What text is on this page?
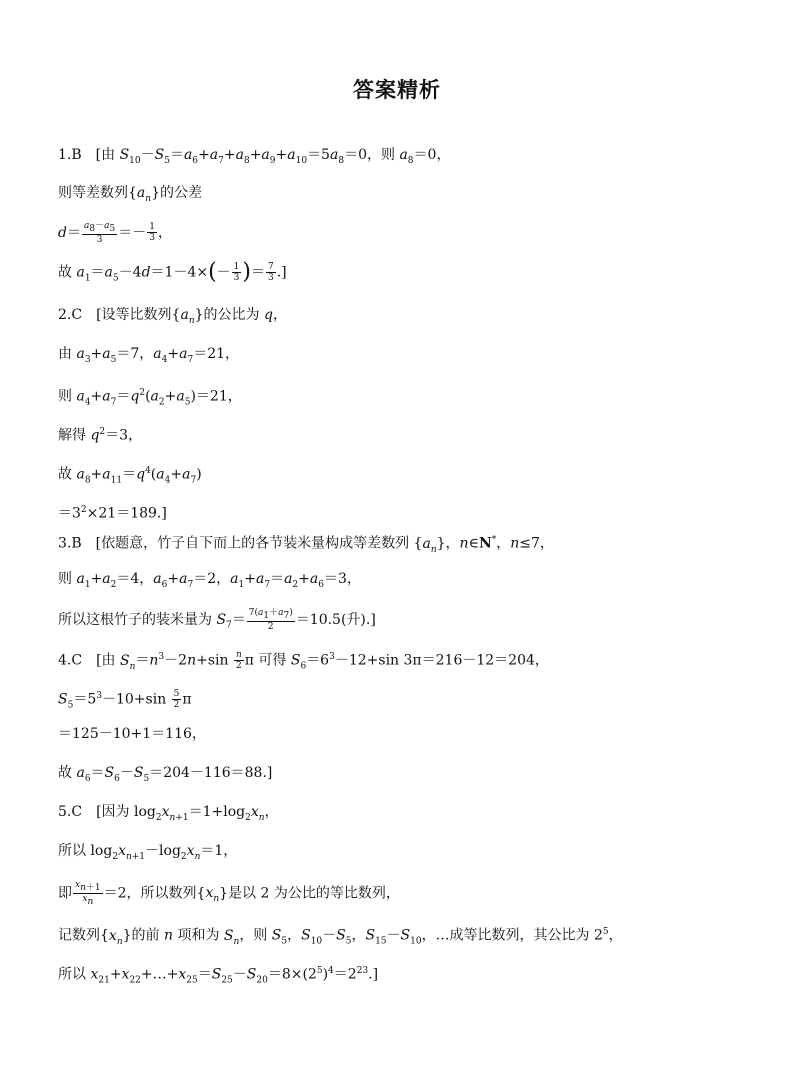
答案精析
1.B　[由 $S_{10}-S_5=a_6+a_7+a_8+a_9+a_{10}=5a_8=0$，则 $a_8=0$，
则等差数列$\{a_n\}$的公差
$d= \frac{a_8-a_5}{3} =- \frac{1}{3}$ ，
故 $a_1=a_5-4d=1-4\times(- \frac{1}{3}$ )＝ $\frac{7}{3}$ .]
2.C　[设等比数列$\{a_n\}$的公比为 q，
由 $a_3+a_5=7$，$a_4+a_7=21$，
则 $a_4+a_7=q^2(a_2+a_5)=21$，
解得 $q^2=3$，
故 $a_8+a_{11}=q^4(a_4+a_7)$
$=3^2\times 21=189$.]
3.B　[依题意，竹子自下而上的各节装米量构成等差数列 $\{a_n\}$，n∈N*，n≤7，
则 $a_1+a_2=4$，$a_6+a_7=2$，$a_1+a_7=a_2+a_6=3$，
所以这根竹子的装米量为 $S_7= \frac{7(a_1+a_7)}{2} =10.5$(升).]
4.C　[由 $S_n=n^3-2n+\sin \frac{n}{2}$ π 可得 $S_6=6^3-12+\sin$ 3π＝216－12＝204，
$S_5=5^3-10+\sin \frac{5}{2}$ π
＝125－10+1＝116，
故 $a_6=S_6-S_5=204-116=88$.]
5.C　[因为 $\log_2x_{n+1}=1+\log_2x_n$，
所以 $\log_2x_{n+1}-\log_2x_n=1$，
即 $\frac{x_{n+1}}{x_n} =2$，所以数列$\{x_n\}$是以 2 为公比的等比数列，
记数列$\{x_n\}$的前 n 项和为 $S_n$，则 $S_5$，$S_{10}-S_5$，$S_{15}-S_{10}$，…成等比数列，其公比为 $2^5$，
所以 $x_{21}+x_{22}+\dots+x_{25}=S_{25}-S_{20}=8\times(2^5)^4=2^{23}$.]
